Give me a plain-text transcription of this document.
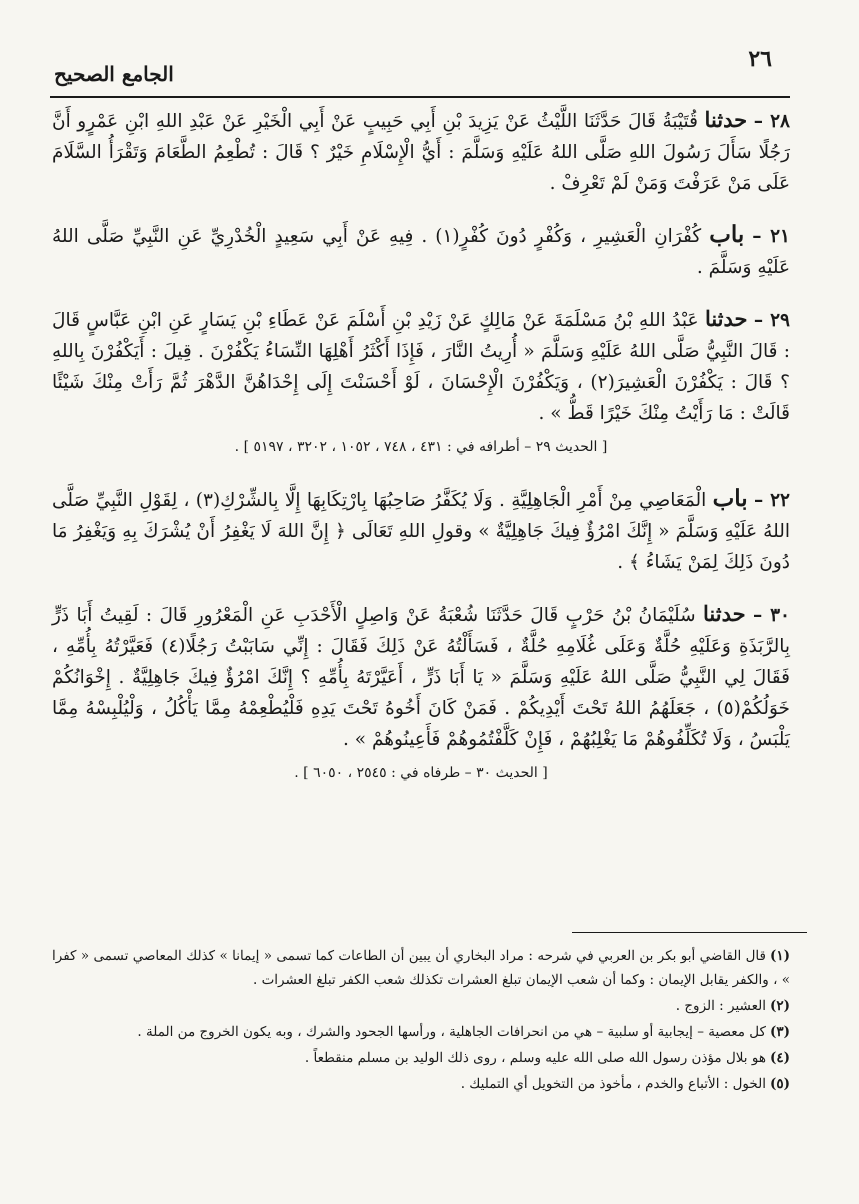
٢٦
الجامع الصحيح

٢٨ – حدثنا قُتَيْبَةُ قَالَ حَدَّثَنَا اللَّيْثُ عَنْ يَزِيدَ بْنِ أَبِي حَبِيبٍ عَنْ أَبِي الْخَيْرِ عَنْ عَبْدِ اللهِ ابْنِ عَمْرٍو أَنَّ رَجُلًا سَأَلَ رَسُولَ اللهِ صَلَّى اللهُ عَلَيْهِ وَسَلَّمَ : أَيُّ الْإِسْلَامِ خَيْرٌ ؟ قَالَ : تُطْعِمُ الطَّعَامَ وَتَقْرَأُ السَّلَامَ عَلَى مَنْ عَرَفْتَ وَمَنْ لَمْ تَعْرِفْ .

٢١ – باب كُفْرَانِ الْعَشِيرِ ، وَكُفْرٍ دُونَ كُفْرٍ(١) . فِيهِ عَنْ أَبِي سَعِيدٍ الْخُدْرِيِّ عَنِ النَّبِيِّ صَلَّى اللهُ عَلَيْهِ وَسَلَّمَ .

٢٩ – حدثنا عَبْدُ اللهِ بْنُ مَسْلَمَةَ عَنْ مَالِكٍ عَنْ زَيْدِ بْنِ أَسْلَمَ عَنْ عَطَاءِ بْنِ يَسَارٍ عَنِ ابْنِ عَبَّاسٍ قَالَ : قَالَ النَّبِيُّ صَلَّى اللهُ عَلَيْهِ وَسَلَّمَ « أُرِيتُ النَّارَ ، فَإِذَا أَكْثَرُ أَهْلِهَا النِّسَاءُ يَكْفُرْنَ . قِيلَ : أَيَكْفُرْنَ بِاللهِ ؟ قَالَ : يَكْفُرْنَ الْعَشِيرَ(٢) ، وَيَكْفُرْنَ الْإِحْسَانَ ، لَوْ أَحْسَنْتَ إِلَى إِحْدَاهُنَّ الدَّهْرَ ثُمَّ رَأَتْ مِنْكَ شَيْئًا قَالَتْ : مَا رَأَيْتُ مِنْكَ خَيْرًا قَطُّ » .

[ الحديث ٢٩ – أطرافه في : ٤٣١ ، ٧٤٨ ، ١٠٥٢ ، ٣٢٠٢ ، ٥١٩٧ ] .

٢٢ – باب الْمَعَاصِي مِنْ أَمْرِ الْجَاهِلِيَّةِ . وَلَا يُكَفَّرُ صَاحِبُهَا بِارْتِكَابِهَا إِلَّا بِالشِّرْكِ(٣) ، لِقَوْلِ النَّبِيِّ صَلَّى اللهُ عَلَيْهِ وَسَلَّمَ « إِنَّكَ امْرُؤٌ فِيكَ جَاهِلِيَّةٌ » وقولِ اللهِ تَعَالَى ﴿ إِنَّ اللهَ لَا يَغْفِرُ أَنْ يُشْرَكَ بِهِ وَيَغْفِرُ مَا دُونَ ذَلِكَ لِمَنْ يَشَاءُ ﴾ .

٣٠ – حدثنا سُلَيْمَانُ بْنُ حَرْبٍ قَالَ حَدَّثَنَا شُعْبَةُ عَنْ وَاصِلٍ الْأَحْدَبِ عَنِ الْمَعْرُورِ قَالَ : لَقِيتُ أَبَا ذَرٍّ بِالرَّبَذَةِ وَعَلَيْهِ حُلَّةٌ وَعَلَى غُلَامِهِ حُلَّةٌ ، فَسَأَلْتُهُ عَنْ ذَلِكَ فَقَالَ : إِنِّي سَابَبْتُ رَجُلًا(٤) فَعَيَّرْتُهُ بِأُمِّهِ ، فَقَالَ لِي النَّبِيُّ صَلَّى اللهُ عَلَيْهِ وَسَلَّمَ « يَا أَبَا ذَرٍّ ، أَعَيَّرْتَهُ بِأُمِّهِ ؟ إِنَّكَ امْرُؤٌ فِيكَ جَاهِلِيَّةٌ . إِخْوَانُكُمْ خَوَلُكُمْ(٥) ، جَعَلَهُمُ اللهُ تَحْتَ أَيْدِيكُمْ . فَمَنْ كَانَ أَخُوهُ تَحْتَ يَدِهِ فَلْيُطْعِمْهُ مِمَّا يَأْكُلُ ، وَلْيُلْبِسْهُ مِمَّا يَلْبَسُ ، وَلَا تُكَلِّفُوهُمْ مَا يَغْلِبُهُمْ ، فَإِنْ كَلَّفْتُمُوهُمْ فَأَعِينُوهُمْ » .

[ الحديث ٣٠ – طرفاه في : ٢٥٤٥ ، ٦٠٥٠ ] .

(١)قال القاضي أبو بكر بن العربي في شرحه : مراد البخاري أن يبين أن الطاعات كما تسمى « إيمانا » كذلك المعاصي تسمى « كفرا » ، والكفر يقابل الإيمان : وكما أن شعب الإيمان تبلغ العشرات تكذلك شعب الكفر تبلغ العشرات .

(٢)العشير : الزوج .

(٣)كل معصية – إيجابية أو سلبية – هي من انحرافات الجاهلية ، ورأسها الجحود والشرك ، وبه يكون الخروج من الملة .

(٤)هو بلال مؤذن رسول الله صلى الله عليه وسلم ، روى ذلك الوليد بن مسلم منقطعاً .

(٥)الخول : الأتباع والخدم ، مأخوذ من التخويل أي التمليك .
